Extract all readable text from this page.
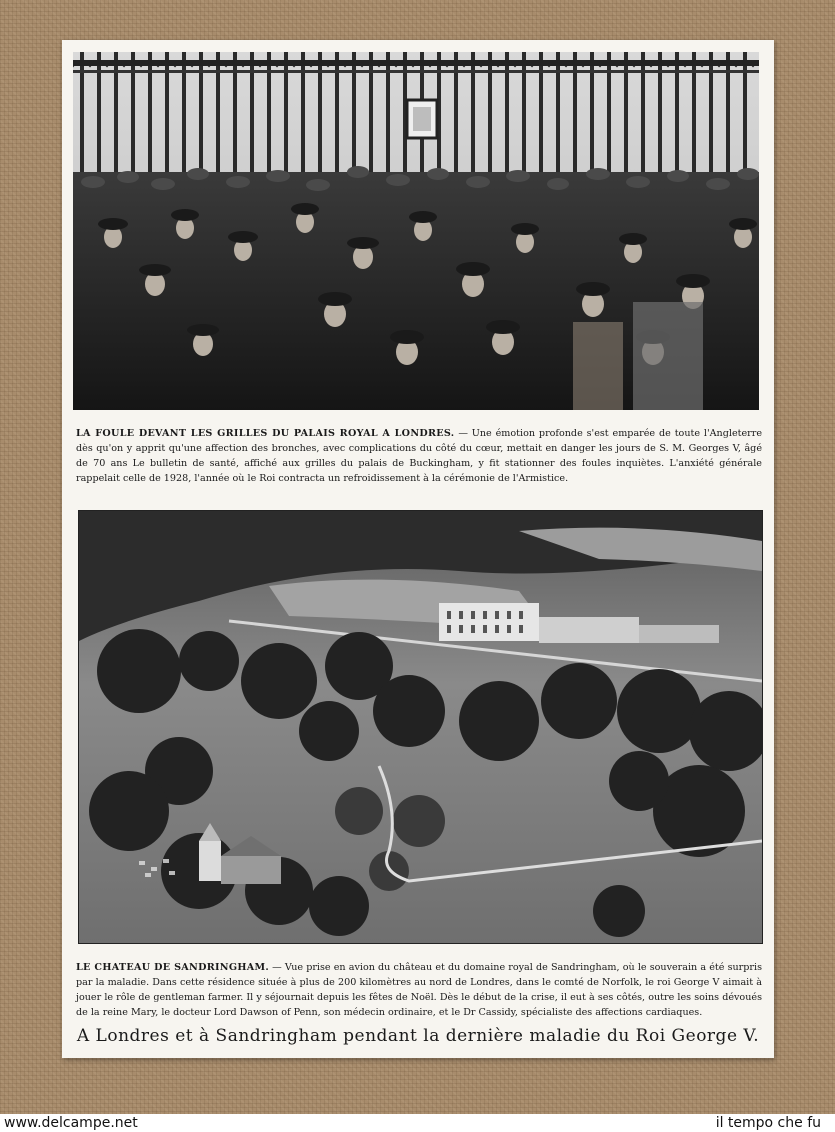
LA FOULE DEVANT LES GRILLES DU PALAIS ROYAL A LONDRES. — Une émotion profonde s'est emparée de toute l'Angleterre dès qu'on y apprit qu'une affection des bronches, avec complications du côté du cœur, mettait en danger les jours de S. M. Georges V, âgé de 70 ans Le bulletin de santé, affiché aux grilles du palais de Buckingham, y fit stationner des foules inquiètes. L'anxiété générale rappelait celle de 1928, l'année où le Roi contracta un refroidissement à la cérémonie de l'Armistice.
LE CHATEAU DE SANDRINGHAM. — Vue prise en avion du château et du domaine royal de Sandringham, où le souverain a été surpris par la maladie. Dans cette résidence située à plus de 200 kilomètres au nord de Londres, dans le comté de Norfolk, le roi George V aimait à jouer le rôle de gentleman farmer. Il y séjournait depuis les fêtes de Noël. Dès le début de la crise, il eut à ses côtés, outre les soins dévoués de la reine Mary, le docteur Lord Dawson of Penn, son médecin ordinaire, et le Dr Cassidy, spécialiste des affections cardiaques.
A Londres et à Sandringham pendant la dernière maladie du Roi George V.
www.delcampe.net	il tempo che fu
